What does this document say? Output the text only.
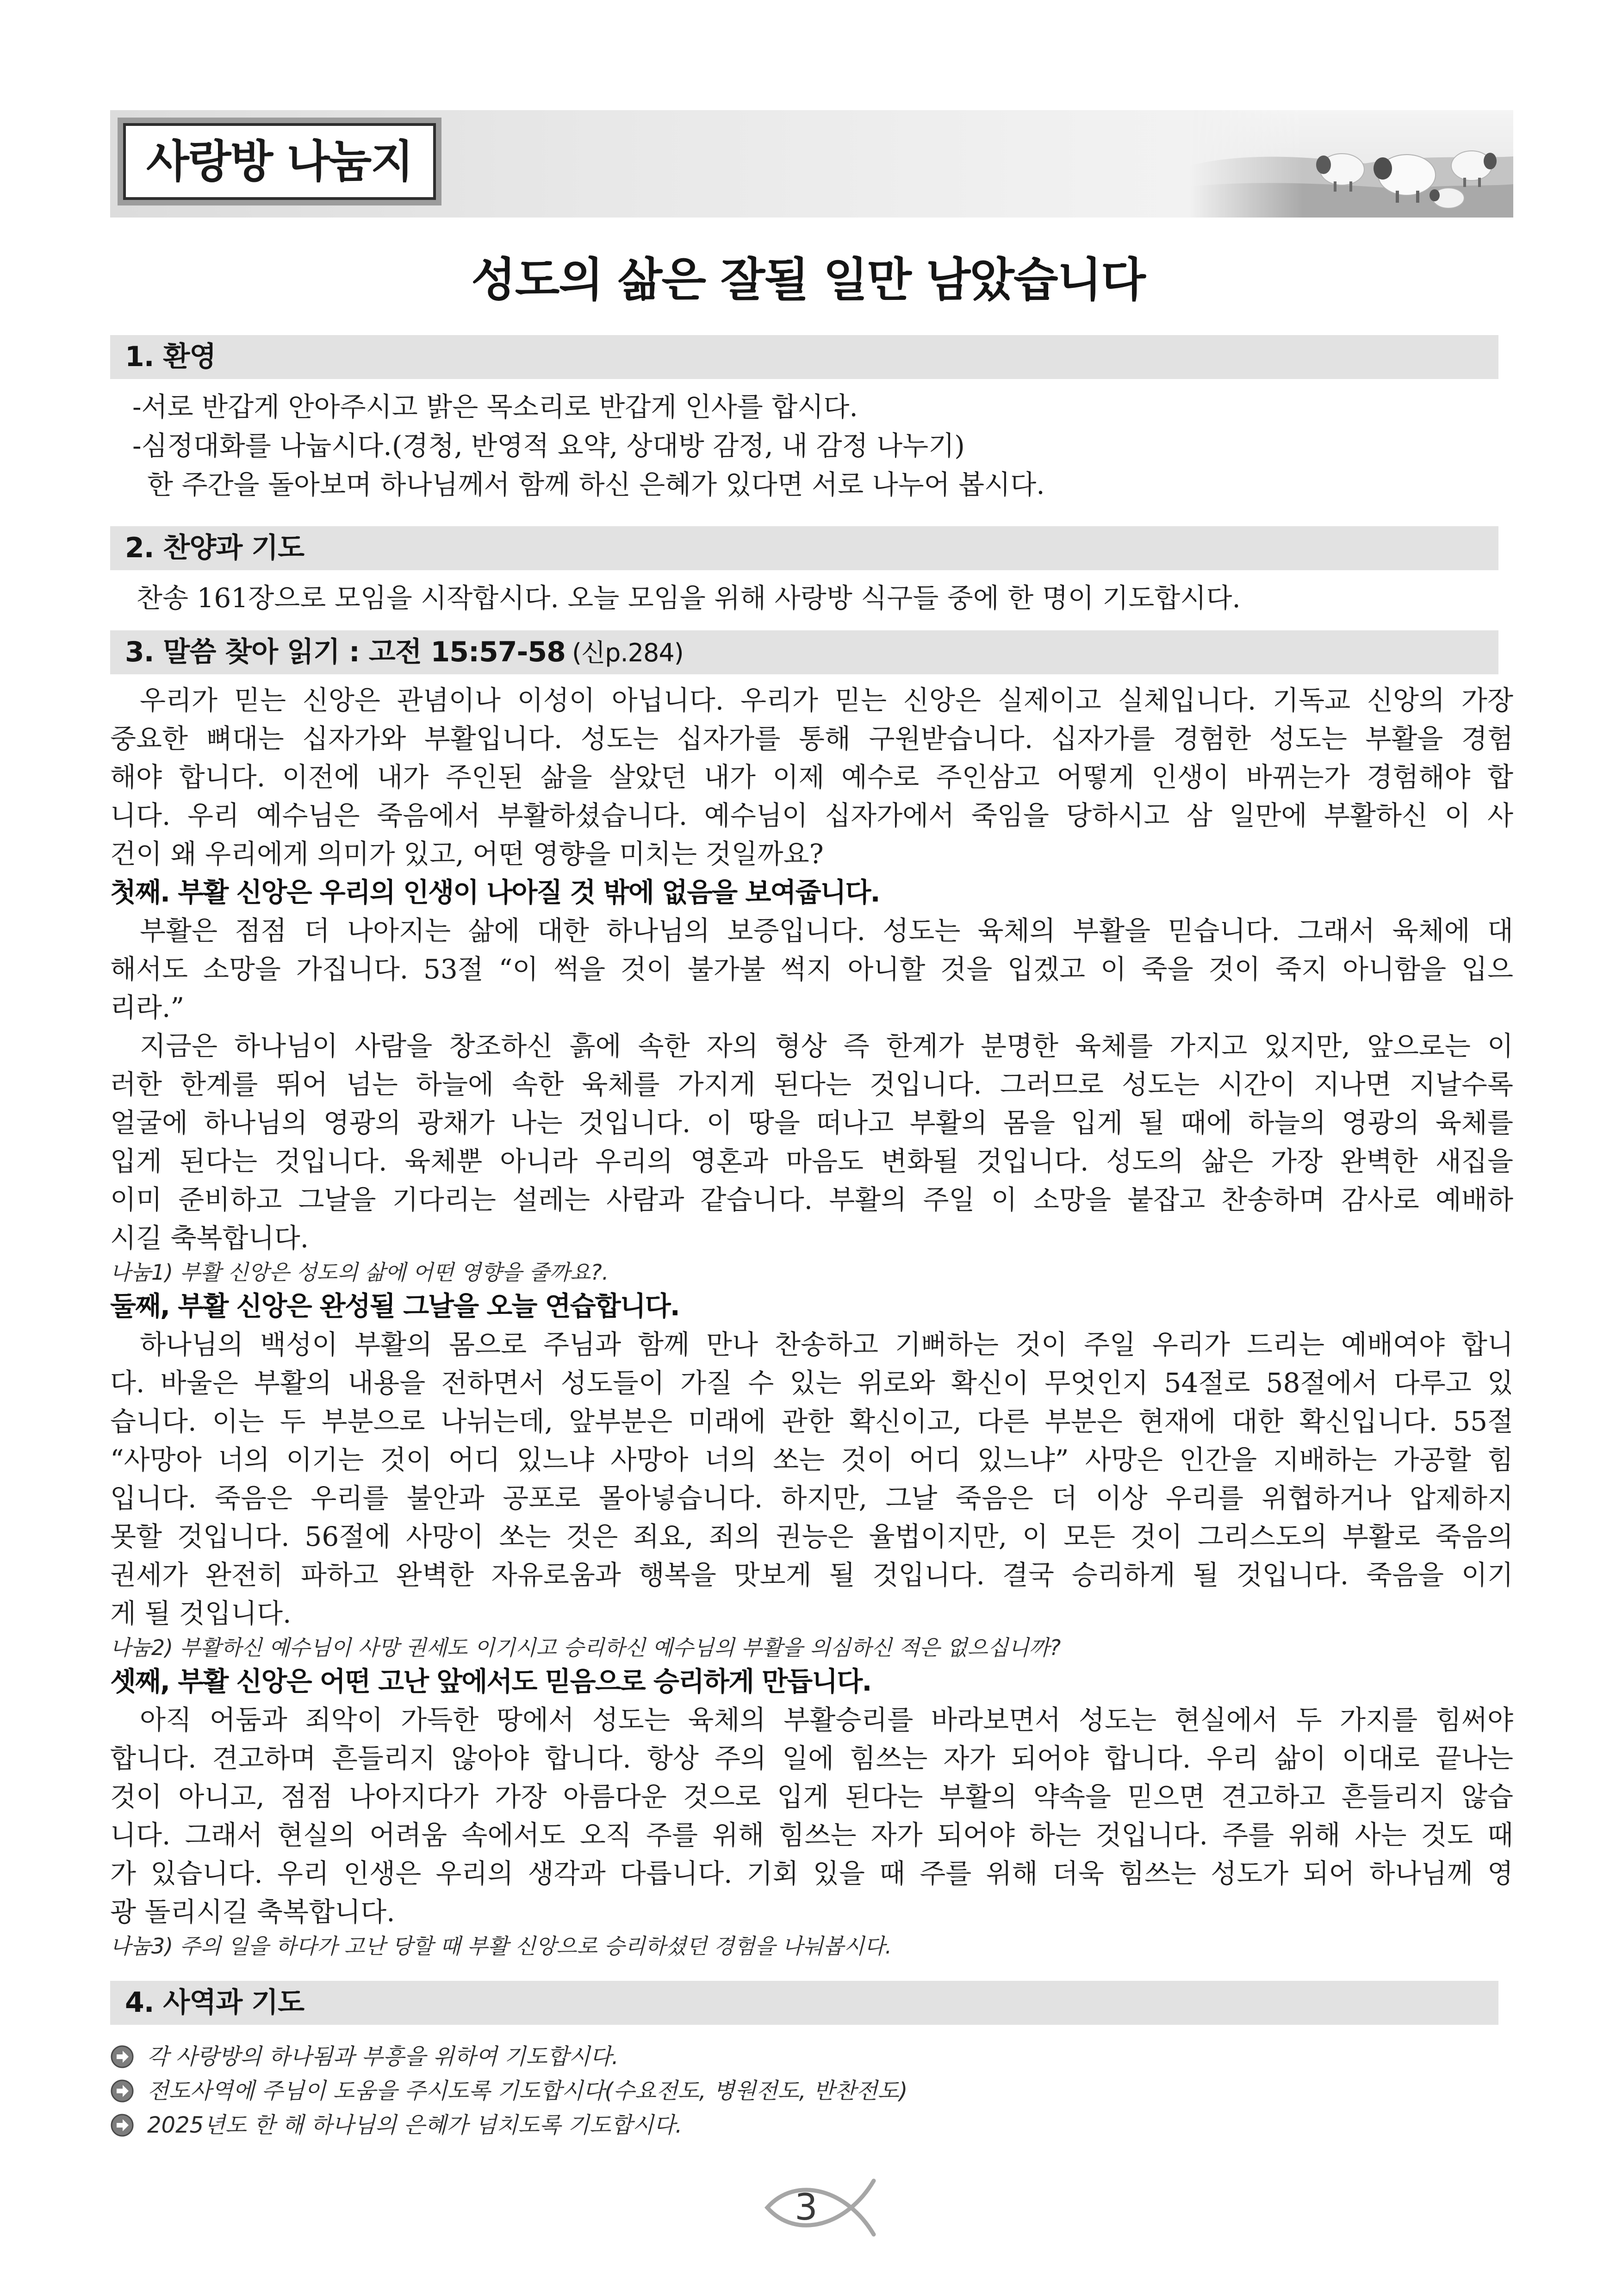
사랑방 나눔지
성도의 삶은 잘될 일만 남았습니다
1. 환영
-서로 반갑게 안아주시고 밝은 목소리로 반갑게 인사를 합시다.
-심정대화를 나눕시다.(경청, 반영적 요약, 상대방 감정, 내 감정 나누기)
한 주간을 돌아보며 하나님께서 함께 하신 은혜가 있다면 서로 나누어 봅시다.
2. 찬양과 기도
찬송 161장으로 모임을 시작합시다. 오늘 모임을 위해 사랑방 식구들 중에 한 명이 기도합시다.
3. 말씀 찾아 읽기 : 고전 15:57-58 (신p.284)
우리가 믿는 신앙은 관념이나 이성이 아닙니다. 우리가 믿는 신앙은 실제이고 실체입니다. 기독교 신앙의 가장
중요한 뼈대는 십자가와 부활입니다. 성도는 십자가를 통해 구원받습니다. 십자가를 경험한 성도는 부활을 경험
해야 합니다. 이전에 내가 주인된 삶을 살았던 내가 이제 예수로 주인삼고 어떻게 인생이 바뀌는가 경험해야 합
니다. 우리 예수님은 죽음에서 부활하셨습니다. 예수님이 십자가에서 죽임을 당하시고 삼 일만에 부활하신 이 사
건이 왜 우리에게 의미가 있고, 어떤 영향을 미치는 것일까요?
첫째. 부활 신앙은 우리의 인생이 나아질 것 밖에 없음을 보여줍니다.
부활은 점점 더 나아지는 삶에 대한 하나님의 보증입니다. 성도는 육체의 부활을 믿습니다. 그래서 육체에 대
해서도 소망을 가집니다. 53절 “이 썩을 것이 불가불 썩지 아니할 것을 입겠고 이 죽을 것이 죽지 아니함을 입으
리라.”
지금은 하나님이 사람을 창조하신 흙에 속한 자의 형상 즉 한계가 분명한 육체를 가지고 있지만, 앞으로는 이
러한 한계를 뛰어 넘는 하늘에 속한 육체를 가지게 된다는 것입니다. 그러므로 성도는 시간이 지나면 지날수록
얼굴에 하나님의 영광의 광채가 나는 것입니다. 이 땅을 떠나고 부활의 몸을 입게 될 때에 하늘의 영광의 육체를
입게 된다는 것입니다. 육체뿐 아니라 우리의 영혼과 마음도 변화될 것입니다. 성도의 삶은 가장 완벽한 새집을
이미 준비하고 그날을 기다리는 설레는 사람과 같습니다. 부활의 주일 이 소망을 붙잡고 찬송하며 감사로 예배하
시길 축복합니다.
나눔1) 부활 신앙은 성도의 삶에 어떤 영향을 줄까요?.
둘째, 부활 신앙은 완성될 그날을 오늘 연습합니다.
하나님의 백성이 부활의 몸으로 주님과 함께 만나 찬송하고 기뻐하는 것이 주일 우리가 드리는 예배여야 합니
다. 바울은 부활의 내용을 전하면서 성도들이 가질 수 있는 위로와 확신이 무엇인지 54절로 58절에서 다루고 있
습니다. 이는 두 부분으로 나뉘는데, 앞부분은 미래에 관한 확신이고, 다른 부분은 현재에 대한 확신입니다. 55절
“사망아 너의 이기는 것이 어디 있느냐 사망아 너의 쏘는 것이 어디 있느냐” 사망은 인간을 지배하는 가공할 힘
입니다. 죽음은 우리를 불안과 공포로 몰아넣습니다. 하지만, 그날 죽음은 더 이상 우리를 위협하거나 압제하지
못할 것입니다. 56절에 사망이 쏘는 것은 죄요, 죄의 권능은 율법이지만, 이 모든 것이 그리스도의 부활로 죽음의
권세가 완전히 파하고 완벽한 자유로움과 행복을 맛보게 될 것입니다. 결국 승리하게 될 것입니다. 죽음을 이기
게 될 것입니다.
나눔2) 부활하신 예수님이 사망 권세도 이기시고 승리하신 예수님의 부활을 의심하신 적은 없으십니까?
셋째, 부활 신앙은 어떤 고난 앞에서도 믿음으로 승리하게 만듭니다.
아직 어둠과 죄악이 가득한 땅에서 성도는 육체의 부활승리를 바라보면서 성도는 현실에서 두 가지를 힘써야
합니다. 견고하며 흔들리지 않아야 합니다. 항상 주의 일에 힘쓰는 자가 되어야 합니다. 우리 삶이 이대로 끝나는
것이 아니고, 점점 나아지다가 가장 아름다운 것으로 입게 된다는 부활의 약속을 믿으면 견고하고 흔들리지 않습
니다. 그래서 현실의 어려움 속에서도 오직 주를 위해 힘쓰는 자가 되어야 하는 것입니다. 주를 위해 사는 것도 때
가 있습니다. 우리 인생은 우리의 생각과 다릅니다. 기회 있을 때 주를 위해 더욱 힘쓰는 성도가 되어 하나님께 영
광 돌리시길 축복합니다.
나눔3) 주의 일을 하다가 고난 당할 때 부활 신앙으로 승리하셨던 경험을 나눠봅시다.
4. 사역과 기도
각 사랑방의 하나됨과 부흥을 위하여 기도합시다.
전도사역에 주님이 도움을 주시도록 기도합시다(수요전도, 병원전도, 반찬전도)
2025년도 한 해 하나님의 은혜가 넘치도록 기도합시다.
3
